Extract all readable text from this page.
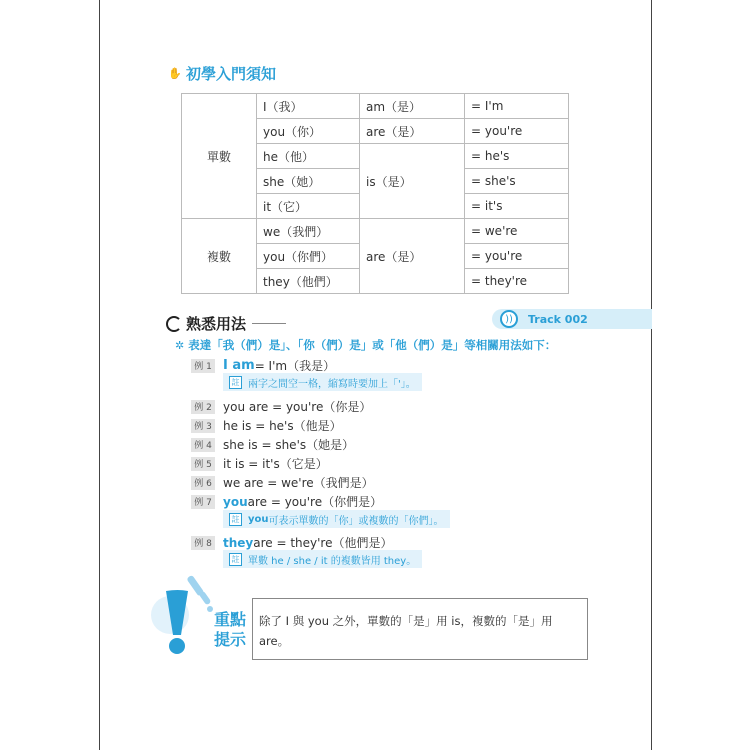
✋ 初學入門須知
單數	I（我）	am（是）	= I'm
	you（你）	are（是）	= you're
	he（他）	is（是）	= he's
	she（她）		= she's
	it（它）		= it's
複數	we（我們）	are（是）	= we're
	you（你們）		= you're
	they（他們）		= they're
熟悉用法	))	Track 002
✲ 表達「我（們）是」、「你（們）是」或「他（們）是」等相關用法如下：
例 1 I am = I'm（我是）
註 兩字之間空一格，縮寫時要加上「'」。
例 2 you are = you're（你是）
例 3 he is = he's（他是）
例 4 she is = she's（她是）
例 5 it is = it's（它是）
例 6 we are = we're（我們是）
例 7 you are = you're（你們是）
註 you 可表示單數的「你」或複數的「你們」。
例 8 they are = they're（他們是）
註 單數 he / she / it 的複數皆用 they。
重點
提示
除了 I 與 you 之外，單數的「是」用 is，複數的「是」用 are。
